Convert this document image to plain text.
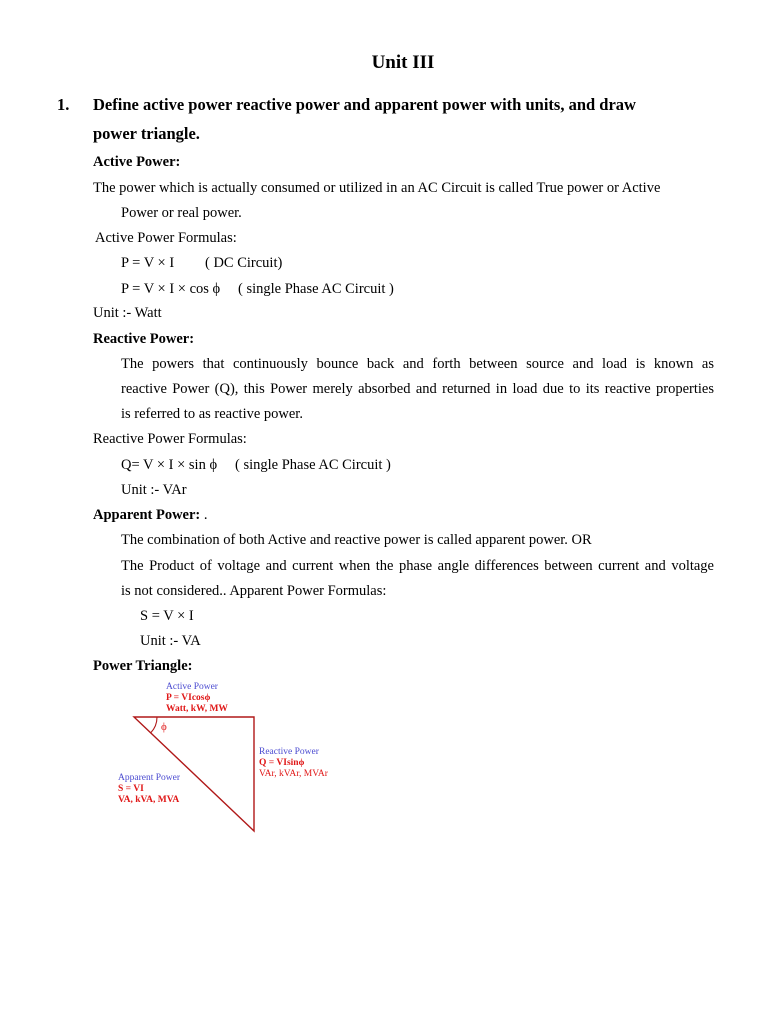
Unit III
1. Define active power reactive power and apparent power with units, and draw
power triangle.
Active Power:
The power which is actually consumed or utilized in an AC Circuit is called True power or Active
Power or real power.
Active Power Formulas:
P = V × I ( DC Circuit)
P = V × I × cos ϕ ( single Phase AC Circuit )
Unit :- Watt
Reactive Power:
The powers that continuously bounce back and forth between source and load is known as
reactive Power (Q), this Power merely absorbed and returned in load due to its reactive properties
is referred to as reactive power.
Reactive Power Formulas:
Q= V × I × sin ϕ ( single Phase AC Circuit )
Unit :- VAr
Apparent Power: .
The combination of both Active and reactive power is called apparent power. OR
The Product of voltage and current when the phase angle differences between current and voltage
is not considered.. Apparent Power Formulas:
S = V × I
Unit :- VA
Power Triangle:
Active Power
P = VIcosϕ
Watt, kW, MW
ϕ
Reactive Power
Q = VIsinϕ
VAr, kVAr, MVAr
Apparent Power
S = VI
VA, kVA, MVA
